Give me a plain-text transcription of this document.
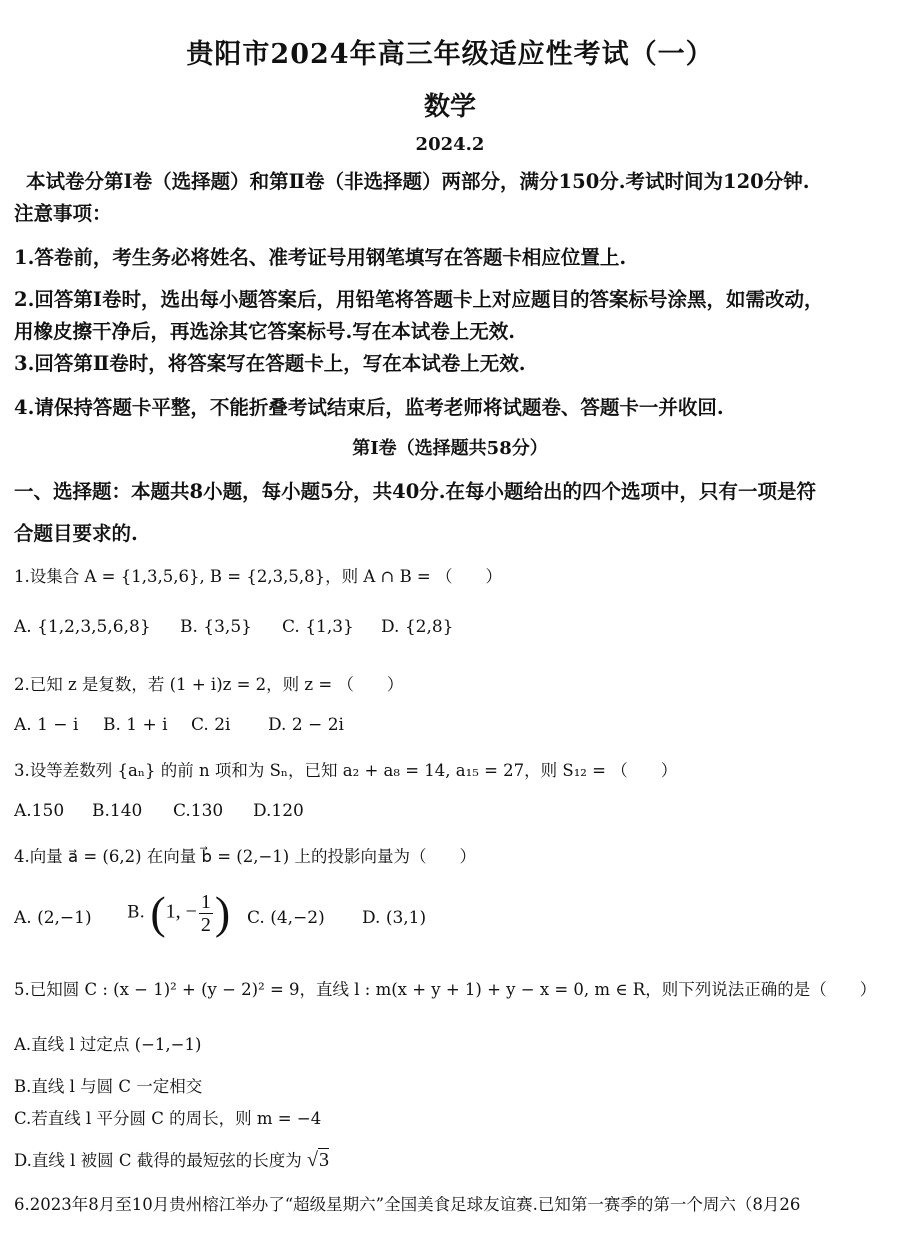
贵阳市2024年高三年级适应性考试（一）
数学
2024.2
本试卷分第Ⅰ卷（选择题）和第Ⅱ卷（非选择题）两部分，满分150分.考试时间为120分钟.
注意事项：
1.答卷前，考生务必将姓名、准考证号用钢笔填写在答题卡相应位置上.
2.回答第Ⅰ卷时，选出每小题答案后，用铅笔将答题卡上对应题目的答案标号涂黑，如需改动，
用橡皮擦干净后，再选涂其它答案标号.写在本试卷上无效.
3.回答第Ⅱ卷时，将答案写在答题卡上，写在本试卷上无效.
4.请保持答题卡平整，不能折叠考试结束后，监考老师将试题卷、答题卡一并收回.
第Ⅰ卷（选择题共58分）
一、选择题：本题共8小题，每小题5分，共40分.在每小题给出的四个选项中，只有一项是符
合题目要求的.
1.设集合 A = {1,3,5,6}, B = {2,3,5,8}，则 A ∩ B = （　　）
A. {1,2,3,5,6,8} B. {3,5} C. {1,3} D. {2,8}
2.已知 z 是复数，若 (1 + i)z = 2，则 z = （　　）
A. 1 − i B. 1 + i C. 2i D. 2 − 2i
3.设等差数列 {aₙ} 的前 n 项和为 Sₙ，已知 a₂ + a₈ = 14, a₁₅ = 27，则 S₁₂ = （　　）
A.150 B.140 C.130 D.120
4.向量 a⃗ = (6,2) 在向量 b⃗ = (2,−1) 上的投影向量为（　　）
A. (2,−1) B. (1, − $\frac{1}{2}$ ) C. (4,−2) D. (3,1)
5.已知圆 C : (x − 1)² + (y − 2)² = 9，直线 l : m(x + y + 1) + y − x = 0, m ∈ R，则下列说法正确的是（　　）
A.直线 l 过定点 (−1,−1)
B.直线 l 与圆 C 一定相交
C.若直线 l 平分圆 C 的周长，则 m = −4
D.直线 l 被圆 C 截得的最短弦的长度为 √3
6.2023年8月至10月贵州榕江举办了“超级星期六”全国美食足球友谊赛.已知第一赛季的第一个周六（8月26
